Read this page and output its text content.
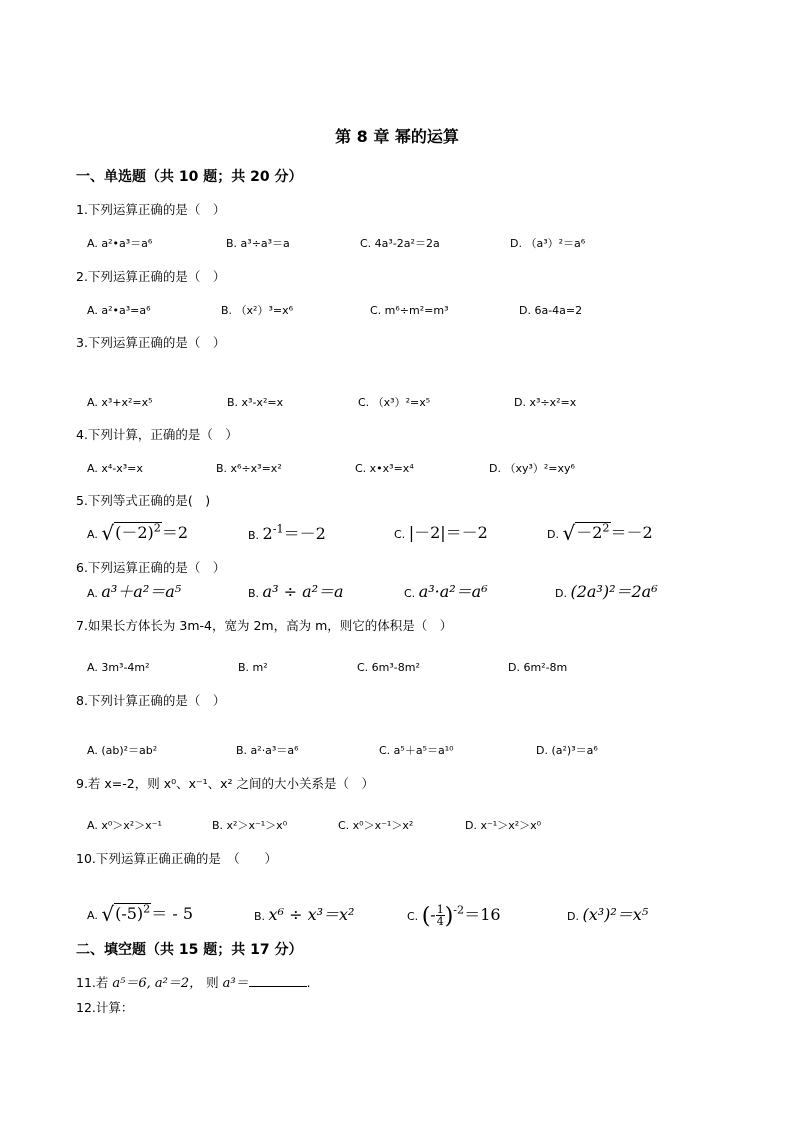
第 8 章 幂的运算
一、单选题（共 10 题；共 20 分）
1.下列运算正确的是（　）
A. a²•a³＝a⁶	B. a³÷a³＝a	C. 4a³-2a²＝2a	D. （a³）²＝a⁶
2.下列运算正确的是（　）
A. a²•a³=a⁶	B. （x²）³=x⁶	C. m⁶÷m²=m³	D. 6a-4a=2
3.下列运算正确的是（　）
A. x³+x²=x⁵	B. x³-x²=x	C. （x³）²=x⁵	D. x³÷x²=x
4.下列计算，正确的是（　）
A. x⁴-x³=x	B. x⁶÷x³=x²	C. x•x³=x⁴	D. （xy³）²=xy⁶
5.下列等式正确的是(　)
A. $√(-2)^2=2$	B. $2^{-1}=-2$	C. |－2|＝－2	D. $√-2^2=-2$
6.下列运算正确的是（　）
A. a³＋a²＝a⁵	B. a³ ÷ a²＝a	C. a³·a²＝a⁶	D. (2a³)²＝2a⁶
7.如果长方体长为 3m-4，宽为 2m，高为 m，则它的体积是（　）
A. 3m³-4m²	B. m²	C. 6m³-8m²	D. 6m²-8m
8.下列计算正确的是（　）
A. (ab)²＝ab²	B. a²·a³＝a⁶	C. a⁵＋a⁵＝a¹⁰	D. (a²)³＝a⁶
9.若 x=-2，则 x⁰、x⁻¹、x² 之间的大小关系是（　）
A. x⁰＞x²＞x⁻¹	B. x²＞x⁻¹＞x⁰	C. x⁰＞x⁻¹＞x²	D. x⁻¹＞x²＞x⁰
10.下列运算正确正确的是　（　　）
A. $√(-5)^2= - 5$	B. x⁶ ÷ x³＝x²	C. (- $\frac{1}{4} )^{-2}=16$	D. (x³)²＝x⁵
二、填空题（共 15 题；共 17 分）
11.若 a⁵＝6, a²＝2， 则 a³＝	.
12.计算：
